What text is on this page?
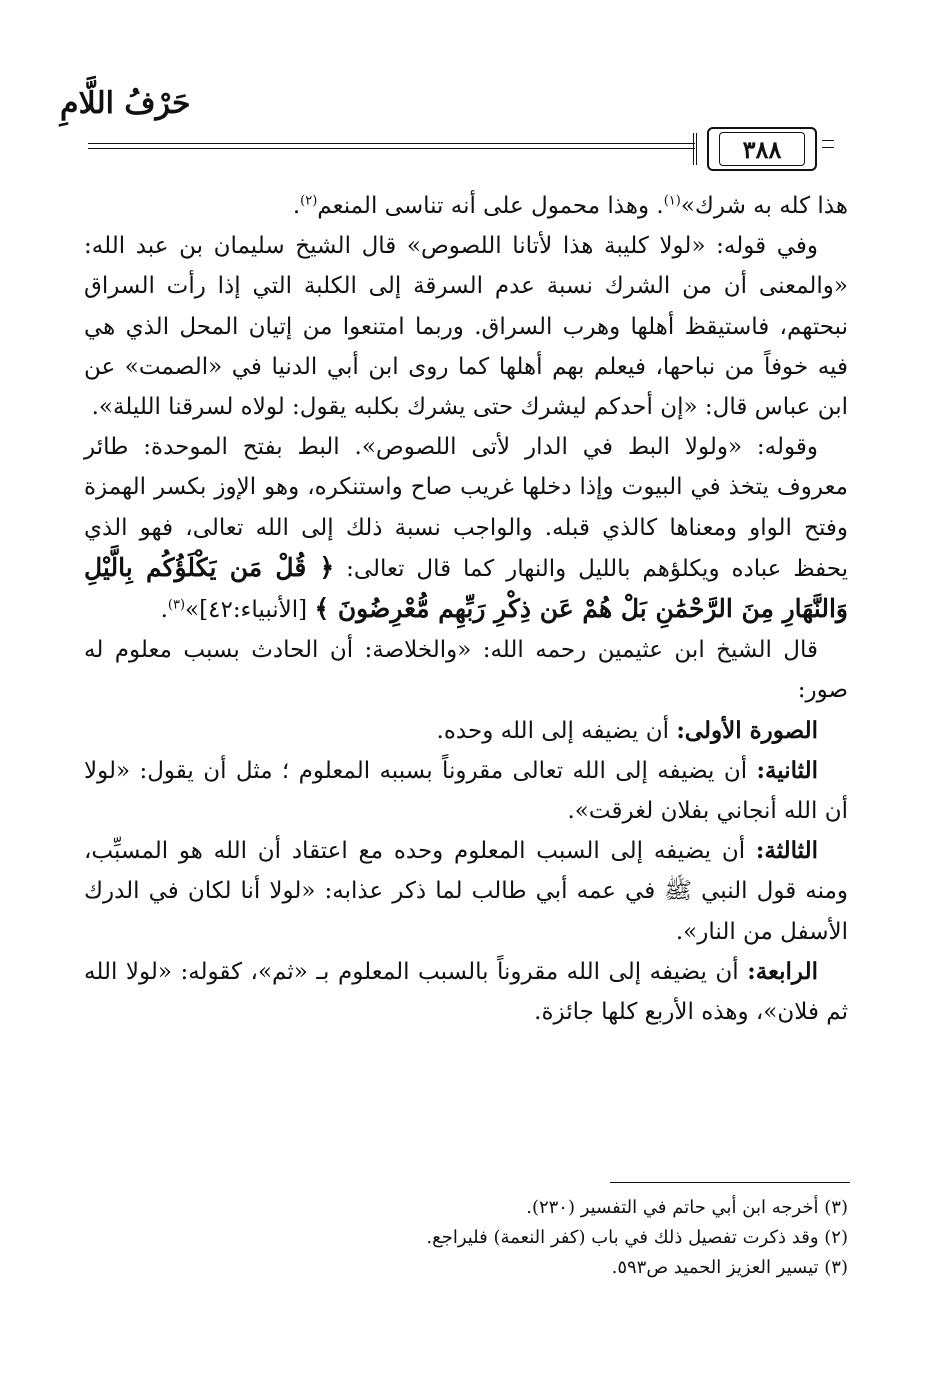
حَرْفُ اللَّامِ
٣٨٨

هذا كله به شرك»$^{(١)}$. وهذا محمول على أنه تناسى المنعم$^{(٢)}$.

وفي قوله: «لولا كليبة هذا لأتانا اللصوص» قال الشيخ سليمان بن عبد الله: «والمعنى أن من الشرك نسبة عدم السرقة إلى الكلبة التي إذا رأت السراق نبحتهم، فاستيقظ أهلها وهرب السراق. وربما امتنعوا من إتيان المحل الذي هي فيه خوفاً من نباحها، فيعلم بهم أهلها كما روى ابن أبي الدنيا في «الصمت» عن ابن عباس قال: «إن أحدكم ليشرك حتى يشرك بكلبه يقول: لولاه لسرقنا الليلة».

وقوله: «ولولا البط في الدار لأتى اللصوص». البط بفتح الموحدة: طائر معروف يتخذ في البيوت وإذا دخلها غريب صاح واستنكره، وهو الإوز بكسر الهمزة وفتح الواو ومعناها كالذي قبله. والواجب نسبة ذلك إلى الله تعالى، فهو الذي يحفظ عباده ويكلؤهم بالليل والنهار كما قال تعالى: ﴿ قُلْ مَن يَكْلَؤُكُم بِالَّيْلِ وَالنَّهَارِ مِنَ الرَّحْمَٰنِ بَلْ هُمْ عَن ذِكْرِ رَبِّهِم مُّعْرِضُونَ ﴾ [الأنبياء:٤٢]»$^{(٣)}$.

قال الشيخ ابن عثيمين رحمه الله: «والخلاصة: أن الحادث بسبب معلوم له صور:

الصورة الأولى: أن يضيفه إلى الله وحده.

الثانية: أن يضيفه إلى الله تعالى مقروناً بسببه المعلوم ؛ مثل أن يقول: «لولا أن الله أنجاني بفلان لغرقت».

الثالثة: أن يضيفه إلى السبب المعلوم وحده مع اعتقاد أن الله هو المسبِّب، ومنه قول النبي ﷺ في عمه أبي طالب لما ذكر عذابه: «لولا أنا لكان في الدرك الأسفل من النار».

الرابعة: أن يضيفه إلى الله مقروناً بالسبب المعلوم بـ «ثم»، كقوله: «لولا الله ثم فلان»، وهذه الأربع كلها جائزة.

(٣) أخرجه ابن أبي حاتم في التفسير (٢٣٠).

(٢) وقد ذكرت تفصيل ذلك في باب (كفر النعمة) فليراجع.

(٣) تيسير العزيز الحميد ص٥٩٣.
